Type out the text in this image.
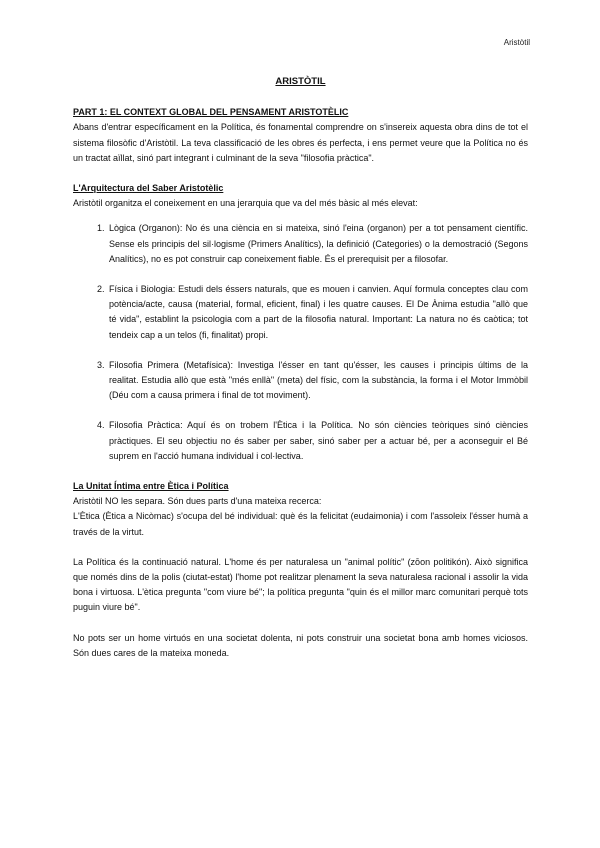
Aristòtil
ARISTÒTIL
PART 1: EL CONTEXT GLOBAL DEL PENSAMENT ARISTOTÈLIC

Abans d'entrar específicament en la Política, és fonamental comprendre on s'insereix aquesta obra dins de tot el sistema filosòfic d'Aristòtil. La teva classificació de les obres és perfecta, i ens permet veure que la Política no és un tractat aïllat, sinó part integrant i culminant de la seva "filosofia pràctica".

L'Arquitectura del Saber Aristotèlic

Aristòtil organitza el coneixement en una jerarquia que va del més bàsic al més elevat:

1. Lògica (Organon): No és una ciència en si mateixa, sinó l'eina (organon) per a tot pensament científic. Sense els principis del sil·logisme (Primers Analítics), la definició (Categories) o la demostració (Segons Analítics), no es pot construir cap coneixement fiable. És el prerequisit per a filosofar.
2. Física i Biologia: Estudi dels éssers naturals, que es mouen i canvien. Aquí formula conceptes clau com potència/acte, causa (material, formal, eficient, final) i les quatre causes. El De Ànima estudia "allò que té vida", establint la psicologia com a part de la filosofia natural. Important: La natura no és caòtica; tot tendeix cap a un telos (fi, finalitat) propi.
3. Filosofia Primera (Metafísica): Investiga l'ésser en tant qu'ésser, les causes i principis últims de la realitat. Estudia allò que està "més enllà" (meta) del físic, com la substància, la forma i el Motor Immòbil (Déu com a causa primera i final de tot moviment).
4. Filosofia Pràctica: Aquí és on trobem l'Ètica i la Política. No són ciències teòriques sinó ciències pràctiques. El seu objectiu no és saber per saber, sinó saber per a actuar bé, per a aconseguir el Bé suprem en l'acció humana individual i col·lectiva.
La Unitat Íntima entre Ètica i Política

Aristòtil NO les separa. Són dues parts d'una mateixa recerca:

L'Ètica (Ètica a Nicòmac) s'ocupa del bé individual: què és la felicitat (eudaimonia) i com l'assoleix l'ésser humà a través de la virtut.

La Política és la continuació natural. L'home és per naturalesa un "animal polític" (zōon politikón). Això significa que només dins de la polis (ciutat-estat) l'home pot realitzar plenament la seva naturalesa racional i assolir la vida bona i virtuosa. L'ètica pregunta "com viure bé"; la política pregunta "quin és el millor marc comunitari perquè tots puguin viure bé".

No pots ser un home virtuós en una societat dolenta, ni pots construir una societat bona amb homes viciosos. Són dues cares de la mateixa moneda.
